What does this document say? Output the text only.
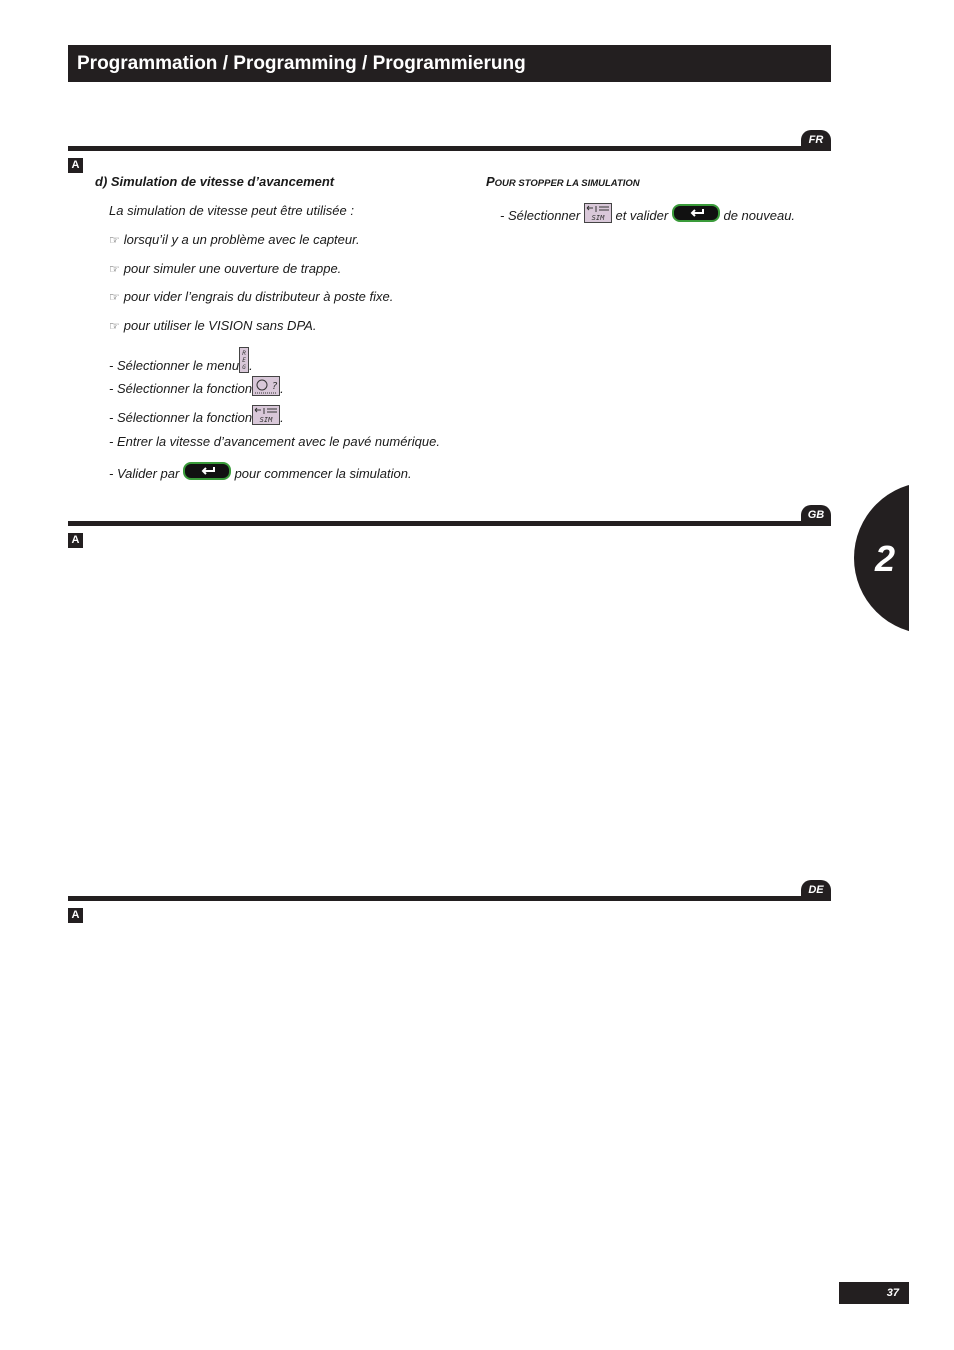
Programmation / Programming / Programmierung
FR
A
d) Simulation de vitesse d’avancement
La simulation de vitesse peut être utilisée :
☞ lorsqu’il y a un problème avec le capteur.
☞ pour simuler une ouverture de trappe.
☞ pour vider l’engrais du distributeur à poste fixe.
☞ pour utiliser le VISION sans DPA.
- Sélectionner le menu
R
E
G .
- Sélectionner la fonction ? .
- Sélectionner la fonction SIM .
- Entrer la vitesse d’avancement avec le pavé numérique.
- Valider par	pour commencer la simulation.
POUR STOPPER LA SIMULATION
- Sélectionner SIM et valider	de nouveau.
GB
A
DE
A
2
37
